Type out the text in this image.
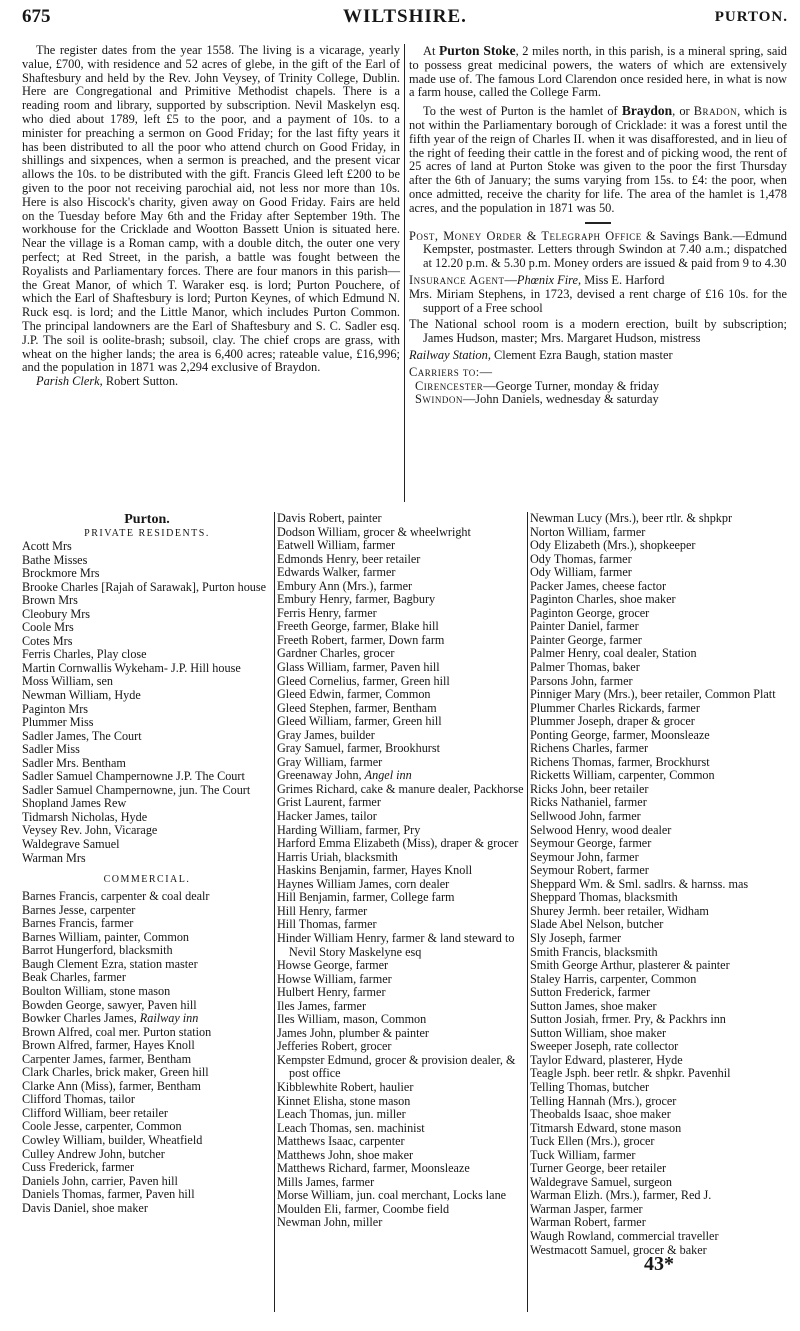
675	WILTSHIRE.	PURTON.

The register dates from the year 1558. The living is a vicarage, yearly value, £700, with residence and 52 acres of glebe, in the gift of the Earl of Shaftesbury and held by the Rev. John Veysey, of Trinity College, Dublin. Here are Congregational and Primitive Methodist chapels. There is a reading room and library, supported by subscription. Nevil Maskelyn esq. who died about 1789, left £5 to the poor, and a payment of 10s. to a minister for preaching a sermon on Good Friday; for the last fifty years it has been distributed to all the poor who attend church on Good Friday, in shillings and sixpences, when a sermon is preached, and the present vicar allows the 10s. to be distributed with the gift. Francis Gleed left £200 to be given to the poor not receiving parochial aid, not less nor more than 10s. Here is also Hiscock's charity, given away on Good Friday. Fairs are held on the Tuesday before May 6th and the Friday after September 19th. The workhouse for the Cricklade and Wootton Bassett Union is situated here. Near the village is a Roman camp, with a double ditch, the outer one very perfect; at Red Street, in the parish, a battle was fought between the Royalists and Parliamentary forces. There are four manors in this parish—the Great Manor, of which T. Waraker esq. is lord; Purton Pouchere, of which the Earl of Shaftesbury is lord; Purton Keynes, of which Edmund N. Ruck esq. is lord; and the Little Manor, which includes Purton Common. The principal landowners are the Earl of Shaftesbury and S. C. Sadler esq. J.P. The soil is oolite-brash; subsoil, clay. The chief crops are grass, with wheat on the higher lands; the area is 6,400 acres; rateable value, £16,996; and the population in 1871 was 2,294 exclusive of Braydon.

Parish Clerk, Robert Sutton.

At Purton Stoke, 2 miles north, in this parish, is a mineral spring, said to possess great medicinal powers, the waters of which are extensively made use of. The famous Lord Clarendon once resided here, in what is now a farm house, called the College Farm.

To the west of Purton is the hamlet of Braydon, or Bradon, which is not within the Parliamentary borough of Cricklade: it was a forest until the fifth year of the reign of Charles II. when it was disafforested, and in lieu of the right of feeding their cattle in the forest and of picking wood, the rent of 25 acres of land at Purton Stoke was given to the poor the first Thursday after the 6th of January; the sums varying from 15s. to £4: the poor, when once admitted, receive the charity for life. The area of the hamlet is 1,478 acres, and the population in 1871 was 50.

Post, Money Order & Telegraph Office & Savings Bank.—Edmund Kempster, postmaster. Letters through Swindon at 7.40 a.m.; dispatched at 12.20 p.m. & 5.30 p.m. Money orders are issued & paid from 9 to 4.30

Insurance Agent—Phœnix Fire, Miss E. Harford

Mrs. Miriam Stephens, in 1723, devised a rent charge of £16 10s. for the support of a Free school

The National school room is a modern erection, built by subscription; James Hudson, master; Mrs. Margaret Hudson, mistress

Railway Station, Clement Ezra Baugh, station master

Carriers to:—

Cirencester—George Turner, monday & friday

Swindon—John Daniels, wednesday & saturday

Purton.
PRIVATE RESIDENTS.
Acott Mrs
Bathe Misses
Brockmore Mrs
Brooke Charles [Rajah of Sarawak], Purton house
Brown Mrs
Cleobury Mrs
Coole Mrs
Cotes Mrs
Ferris Charles, Play close
Martin Cornwallis Wykeham- J.P. Hill house
Moss William, sen
Newman William, Hyde
Paginton Mrs
Plummer Miss
Sadler James, The Court
Sadler Miss
Sadler Mrs. Bentham
Sadler Samuel Champernowne J.P. The Court
Sadler Samuel Champernowne, jun. The Court
Shopland James Rew
Tidmarsh Nicholas, Hyde
Veysey Rev. John, Vicarage
Waldegrave Samuel
Warman Mrs
COMMERCIAL.
Barnes Francis, carpenter & coal dealr
Barnes Jesse, carpenter
Barnes Francis, farmer
Barnes William, painter, Common
Barrot Hungerford, blacksmith
Baugh Clement Ezra, station master
Beak Charles, farmer
Boulton William, stone mason
Bowden George, sawyer, Paven hill
Bowker Charles James, Railway inn
Brown Alfred, coal mer. Purton station
Brown Alfred, farmer, Hayes Knoll
Carpenter James, farmer, Bentham
Clark Charles, brick maker, Green hill
Clarke Ann (Miss), farmer, Bentham
Clifford Thomas, tailor
Clifford William, beer retailer
Coole Jesse, carpenter, Common
Cowley William, builder, Wheatfield
Culley Andrew John, butcher
Cuss Frederick, farmer
Daniels John, carrier, Paven hill
Daniels Thomas, farmer, Paven hill
Davis Daniel, shoe maker
Davis Robert, painter
Dodson William, grocer & wheelwright
Eatwell William, farmer
Edmonds Henry, beer retailer
Edwards Walker, farmer
Embury Ann (Mrs.), farmer
Embury Henry, farmer, Bagbury
Ferris Henry, farmer
Freeth George, farmer, Blake hill
Freeth Robert, farmer, Down farm
Gardner Charles, grocer
Glass William, farmer, Paven hill
Gleed Cornelius, farmer, Green hill
Gleed Edwin, farmer, Common
Gleed Stephen, farmer, Bentham
Gleed William, farmer, Green hill
Gray James, builder
Gray Samuel, farmer, Brookhurst
Gray William, farmer
Greenaway John, Angel inn
Grimes Richard, cake & manure dealer, Packhorse
Grist Laurent, farmer
Hacker James, tailor
Harding William, farmer, Pry
Harford Emma Elizabeth (Miss), draper & grocer
Harris Uriah, blacksmith
Haskins Benjamin, farmer, Hayes Knoll
Haynes William James, corn dealer
Hill Benjamin, farmer, College farm
Hill Henry, farmer
Hill Thomas, farmer
Hinder William Henry, farmer & land steward to Nevil Story Maskelyne esq
Howse George, farmer
Howse William, farmer
Hulbert Henry, farmer
Iles James, farmer
Iles William, mason, Common
James John, plumber & painter
Jefferies Robert, grocer
Kempster Edmund, grocer & provision dealer, & post office
Kibblewhite Robert, haulier
Kinnet Elisha, stone mason
Leach Thomas, jun. miller
Leach Thomas, sen. machinist
Matthews Isaac, carpenter
Matthews John, shoe maker
Matthews Richard, farmer, Moonsleaze
Mills James, farmer
Morse William, jun. coal merchant, Locks lane
Moulden Eli, farmer, Coombe field
Newman John, miller
Newman Lucy (Mrs.), beer rtlr. & shpkpr
Norton William, farmer
Ody Elizabeth (Mrs.), shopkeeper
Ody Thomas, farmer
Ody William, farmer
Packer James, cheese factor
Paginton Charles, shoe maker
Paginton George, grocer
Painter Daniel, farmer
Painter George, farmer
Palmer Henry, coal dealer, Station
Palmer Thomas, baker
Parsons John, farmer
Pinniger Mary (Mrs.), beer retailer, Common Platt
Plummer Charles Rickards, farmer
Plummer Joseph, draper & grocer
Ponting George, farmer, Moonsleaze
Richens Charles, farmer
Richens Thomas, farmer, Brockhurst
Ricketts William, carpenter, Common
Ricks John, beer retailer
Ricks Nathaniel, farmer
Sellwood John, farmer
Selwood Henry, wood dealer
Seymour George, farmer
Seymour John, farmer
Seymour Robert, farmer
Sheppard Wm. & Sml. sadlrs. & harnss. mas
Sheppard Thomas, blacksmith
Shurey Jermh. beer retailer, Widham
Slade Abel Nelson, butcher
Sly Joseph, farmer
Smith Francis, blacksmith
Smith George Arthur, plasterer & painter
Staley Harris, carpenter, Common
Sutton Frederick, farmer
Sutton James, shoe maker
Sutton Josiah, frmer. Pry, & Packhrs inn
Sutton William, shoe maker
Sweeper Joseph, rate collector
Taylor Edward, plasterer, Hyde
Teagle Jsph. beer retlr. & shpkr. Pavenhil
Telling Thomas, butcher
Telling Hannah (Mrs.), grocer
Theobalds Isaac, shoe maker
Titmarsh Edward, stone mason
Tuck Ellen (Mrs.), grocer
Tuck William, farmer
Turner George, beer retailer
Waldegrave Samuel, surgeon
Warman Elizh. (Mrs.), farmer, Red J.
Warman Jasper, farmer
Warman Robert, farmer
Waugh Rowland, commercial traveller
Westmacott Samuel, grocer & baker
43*
